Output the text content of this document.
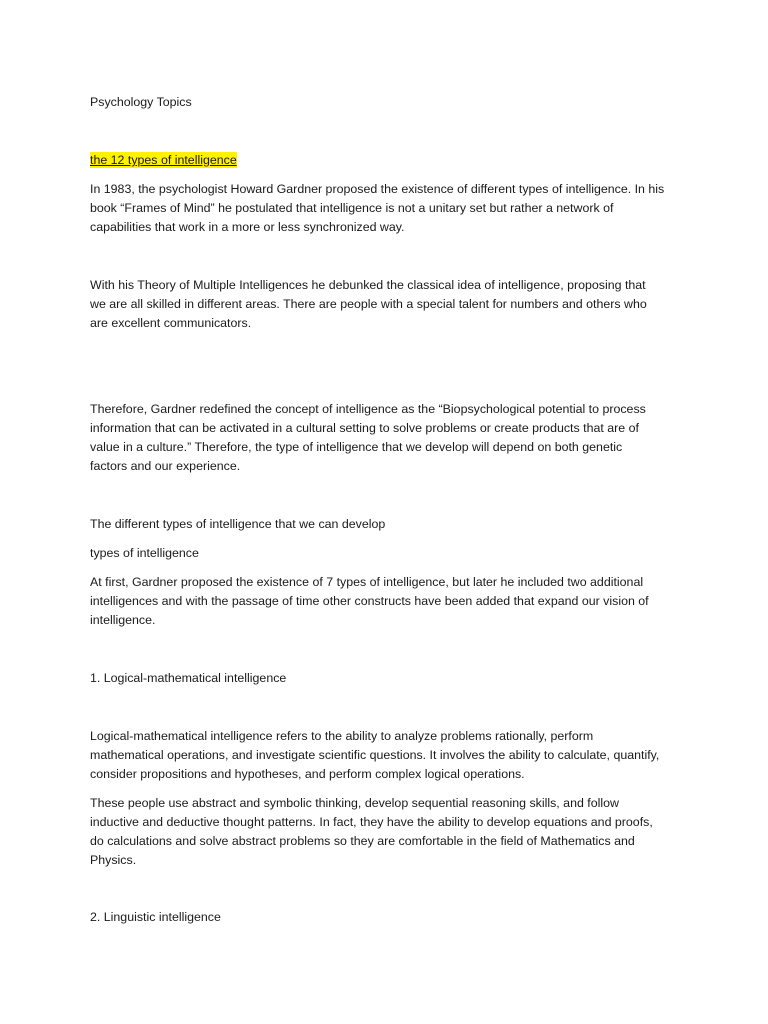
Psychology Topics

the 12 types of intelligence

In 1983, the psychologist Howard Gardner proposed the existence of different types of intelligence. In his

book “Frames of Mind” he postulated that intelligence is not a unitary set but rather a network of

capabilities that work in a more or less synchronized way.

With his Theory of Multiple Intelligences he debunked the classical idea of intelligence, proposing that

we are all skilled in different areas. There are people with a special talent for numbers and others who

are excellent communicators.

Therefore, Gardner redefined the concept of intelligence as the “Biopsychological potential to process

information that can be activated in a cultural setting to solve problems or create products that are of

value in a culture.” Therefore, the type of intelligence that we develop will depend on both genetic

factors and our experience.

The different types of intelligence that we can develop

types of intelligence

At first, Gardner proposed the existence of 7 types of intelligence, but later he included two additional

intelligences and with the passage of time other constructs have been added that expand our vision of

intelligence.

1. Logical-mathematical intelligence

Logical-mathematical intelligence refers to the ability to analyze problems rationally, perform

mathematical operations, and investigate scientific questions. It involves the ability to calculate, quantify,

consider propositions and hypotheses, and perform complex logical operations.

These people use abstract and symbolic thinking, develop sequential reasoning skills, and follow

inductive and deductive thought patterns. In fact, they have the ability to develop equations and proofs,

do calculations and solve abstract problems so they are comfortable in the field of Mathematics and

Physics.

2. Linguistic intelligence
